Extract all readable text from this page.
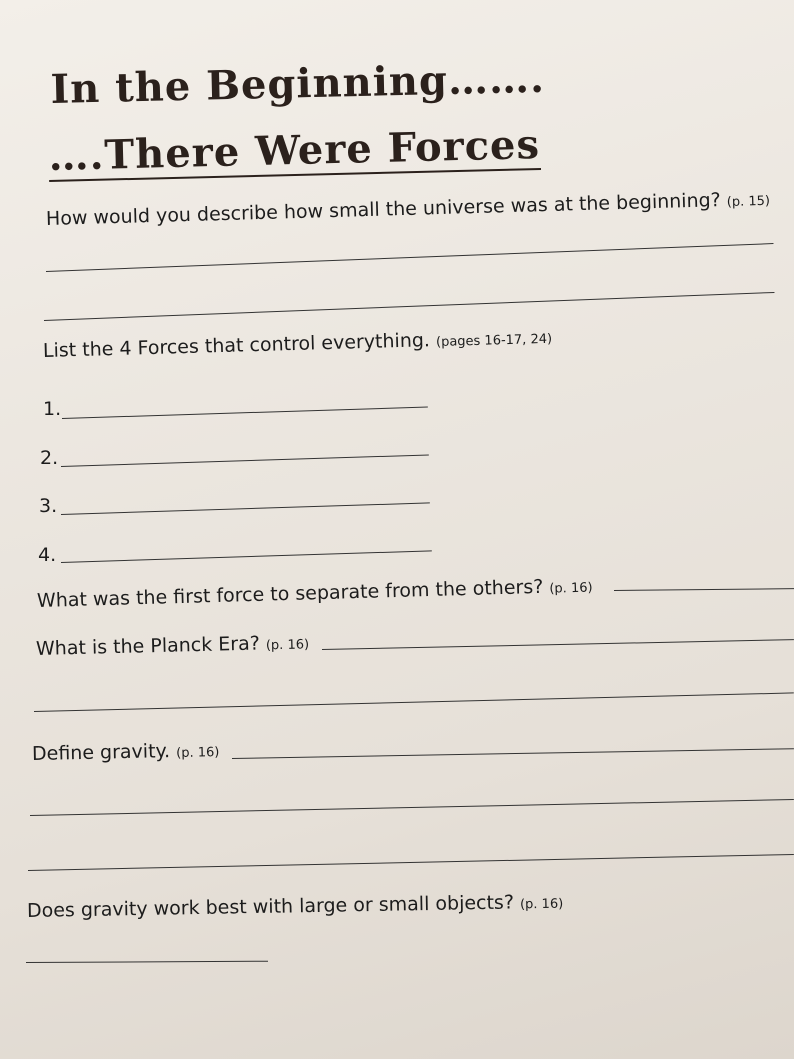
In the Beginning…….
….There Were Forces
How would you describe how small the universe was at the beginning? (p. 15)
List the 4 Forces that control everything. (pages 16-17, 24)
1.
2.
3.
4.
What was the first force to separate from the others? (p. 16)
What is the Planck Era? (p. 16)
Define gravity. (p. 16)
Does gravity work best with large or small objects? (p. 16)
